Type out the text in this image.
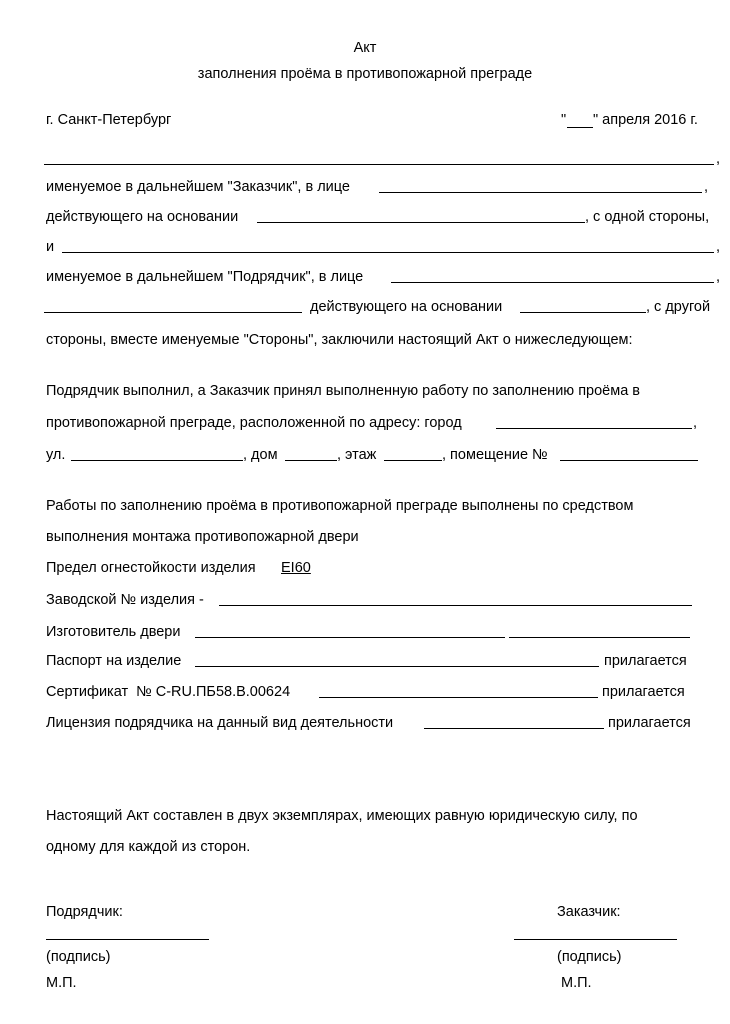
Акт
заполнения проёма в противопожарной преграде
г. Санкт-Петербург	" " апреля 2016 г.
,
именуемое в дальнейшем "Заказчик", в лице	,
действующего на основании	, с одной стороны,
и	,
именуемое в дальнейшем "Подрядчик", в лице	,
действующего на основании	, с другой
стороны, вместе именуемые "Стороны", заключили настоящий Акт о нижеследующем:
Подрядчик выполнил, а Заказчик принял выполненную работу по заполнению проёма в
противопожарной преграде, расположенной по адресу: город	,
ул.	, дом	, этаж	, помещение №
Работы по заполнению проёма в противопожарной преграде выполнены по средством
выполнения монтажа противопожарной двери
Предел огнестойкости изделия EI60
Заводской № изделия -
Изготовитель двери
Паспорт на изделие	прилагается
Сертификат  № C-RU.ПБ58.В.00624	прилагается
Лицензия подрядчика на данный вид деятельности	прилагается
Настоящий Акт составлен в двух экземплярах, имеющих равную юридическую силу, по
одному для каждой из сторон.
Подрядчик:
(подпись)
М.П.
Заказчик:
(подпись)
М.П.
